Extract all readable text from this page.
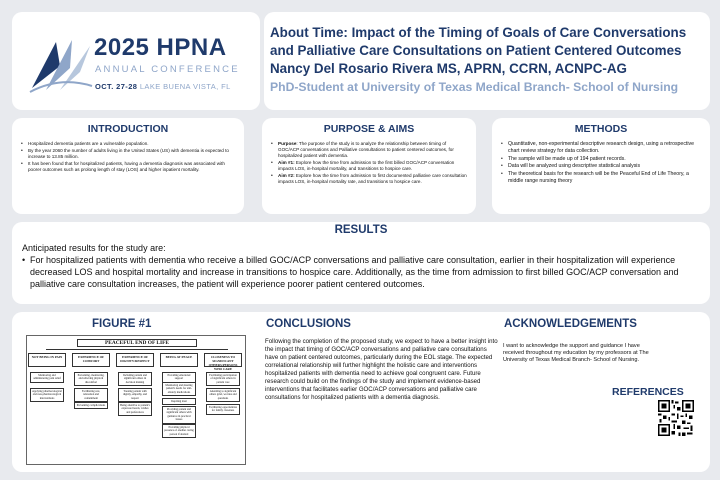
2025 HPNA
ANNUAL CONFERENCE
OCT. 27-28 LAKE BUENA VISTA, FL
About Time: Impact of the Timing of Goals of Care Conversations
and Palliative Care Consultations on Patient Centered Outcomes
Nancy Del Rosario Rivera MS, APRN, CCRN, ACNPC-AG
PhD-Student at University of Texas Medical Branch- School of Nursing
INTRODUCTION
• Hospitalized dementia patients are a vulnerable population.
• By the year 2060 the number of adults living in the United States (US) with dementia is expected to increase to 13.85 million.
• It has been found that for hospitalized patients, having a dementia diagnosis was associated with poorer outcomes such as prolong length of stay (LOS) and higher inpatient mortality.
PURPOSE & AIMS
• Purpose: The purpose of the study is to analyze the relationship between timing of GOC/ACP conversations and Palliative consultations to patient centered outcomes, for hospitalized patient with dementia.
• Aim #1: Explore how the time from admission to the first billed GOC/ACP conversation impacts LOS, in-hospital mortality, and transitions to hospice care.
• Aim #2: Explore how the time from admission to first documented palliative care consultation impacts LOS, in-hospital mortality rate, and transitions to hospice care.
METHODS
• Quantitative, non-experimental descriptive research design, using a retrospective chart review strategy for data collection.
• The sample will be made up of 194 patient records.
• Data will be analyzed using descriptive statistical analysis
• The theoretical basis for the research will be the Peaceful End of Life Theory, a middle range nursing theory
RESULTS
Anticipated results for the study are:
• For hospitalized patients with dementia who receive a billed GOC/ACP conversations and palliative care consultation, earlier in their hospitalization will experience decreased LOS and hospital mortality and increase in transitions to hospice care. Additionally, as the time from admission to first billed GOC/ACP conversation and palliative care consultation increases, the patient will experience poorer patient centered outcomes.
FIGURE #1
PEACEFUL END OF LIFE
NOT BEING IN PAIN
Monitoring and administering pain relief
Applying pharmacological and non-pharmacological interventions
EXPERIENCE OF COMFORT
Preventing, monitoring, and relieving physical discomfort
Facilitating rest, relaxation and contentment
Preventing complications
EXPERIENCE OF DIGNITY/RESPECT
Including patient and significant others in decision making
Treating patient with dignity, empathy, and respect
Being attentive to patient's expressed needs, wishes and preferences
BEING AT PEACE
Providing emotional support
Monitoring and meeting patient's needs for anti-anxiety medications
Inspiring trust
Providing patient and significant others with guidance in practical issues
Providing physical presence of another caring person if desired
CLOSENESS TO SIGNIFICANT OTHERS/PERSONS WHO CARE
Facilitating participation of significant others in patient care
Attending to significant others grief, worries and questions
Facilitating opportunities for family closeness
CONCLUSIONS
Following the completion of the proposed study, we expect to have a better insight into the impact that timing of GOC/ACP conversations and palliative care consultations have on patient centered outcomes, particularly during the EOL stage. The expected correlational relationship will further highlight the holistic care and interventions hospitalized patients with dementia need to achieve goal congruent care. Future research could build on the findings of the study and implement evidence-based interventions that facilitates earlier GOC/ACP conversations and palliative care consultations for hospitalized patients with a dementia diagnosis.
ACKNOWLEDGEMENTS
I want to acknowledge the support and guidance I have received throughout my education by my professors at The University of Texas Medical Branch- School of Nursing.
REFERENCES
